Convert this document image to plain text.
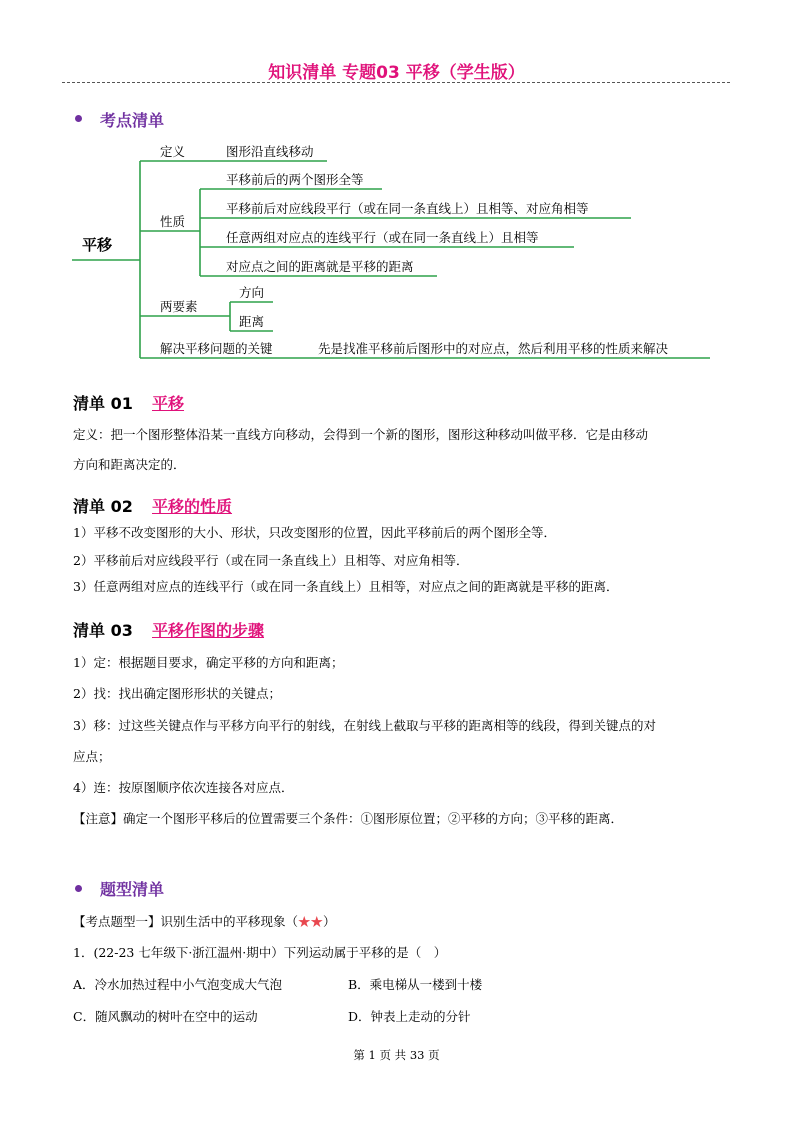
知识清单 专题03 平移（学生版）
考点清单
平移
定义	图形沿直线移动
性质
平移前后的两个图形全等
平移前后对应线段平行（或在同一条直线上）且相等、对应角相等
任意两组对应点的连线平行（或在同一条直线上）且相等
对应点之间的距离就是平移的距离
两要素
方向
距离
解决平移问题的关键	先是找准平移前后图形中的对应点，然后利用平移的性质来解决
清单 01 平移
定义：把一个图形整体沿某一直线方向移动，会得到一个新的图形，图形这种移动叫做平移．它是由移动
方向和距离决定的．
清单 02 平移的性质
1）平移不改变图形的大小、形状，只改变图形的位置，因此平移前后的两个图形全等．
2）平移前后对应线段平行（或在同一条直线上）且相等、对应角相等．
3）任意两组对应点的连线平行（或在同一条直线上）且相等，对应点之间的距离就是平移的距离．
清单 03 平移作图的步骤
1）定：根据题目要求，确定平移的方向和距离；
2）找：找出确定图形形状的关键点；
3）移：过这些关键点作与平移方向平行的射线，在射线上截取与平移的距离相等的线段，得到关键点的对
应点；
4）连：按原图顺序依次连接各对应点．
【注意】确定一个图形平移后的位置需要三个条件：①图形原位置；②平移的方向；③平移的距离．
题型清单
【考点题型一】识别生活中的平移现象（★★）
1．(22-23 七年级下·浙江温州·期中）下列运动属于平移的是（　）
A．冷水加热过程中小气泡变成大气泡	B．乘电梯从一楼到十楼
C．随风飘动的树叶在空中的运动	D．钟表上走动的分针
第 1 页 共 33 页
